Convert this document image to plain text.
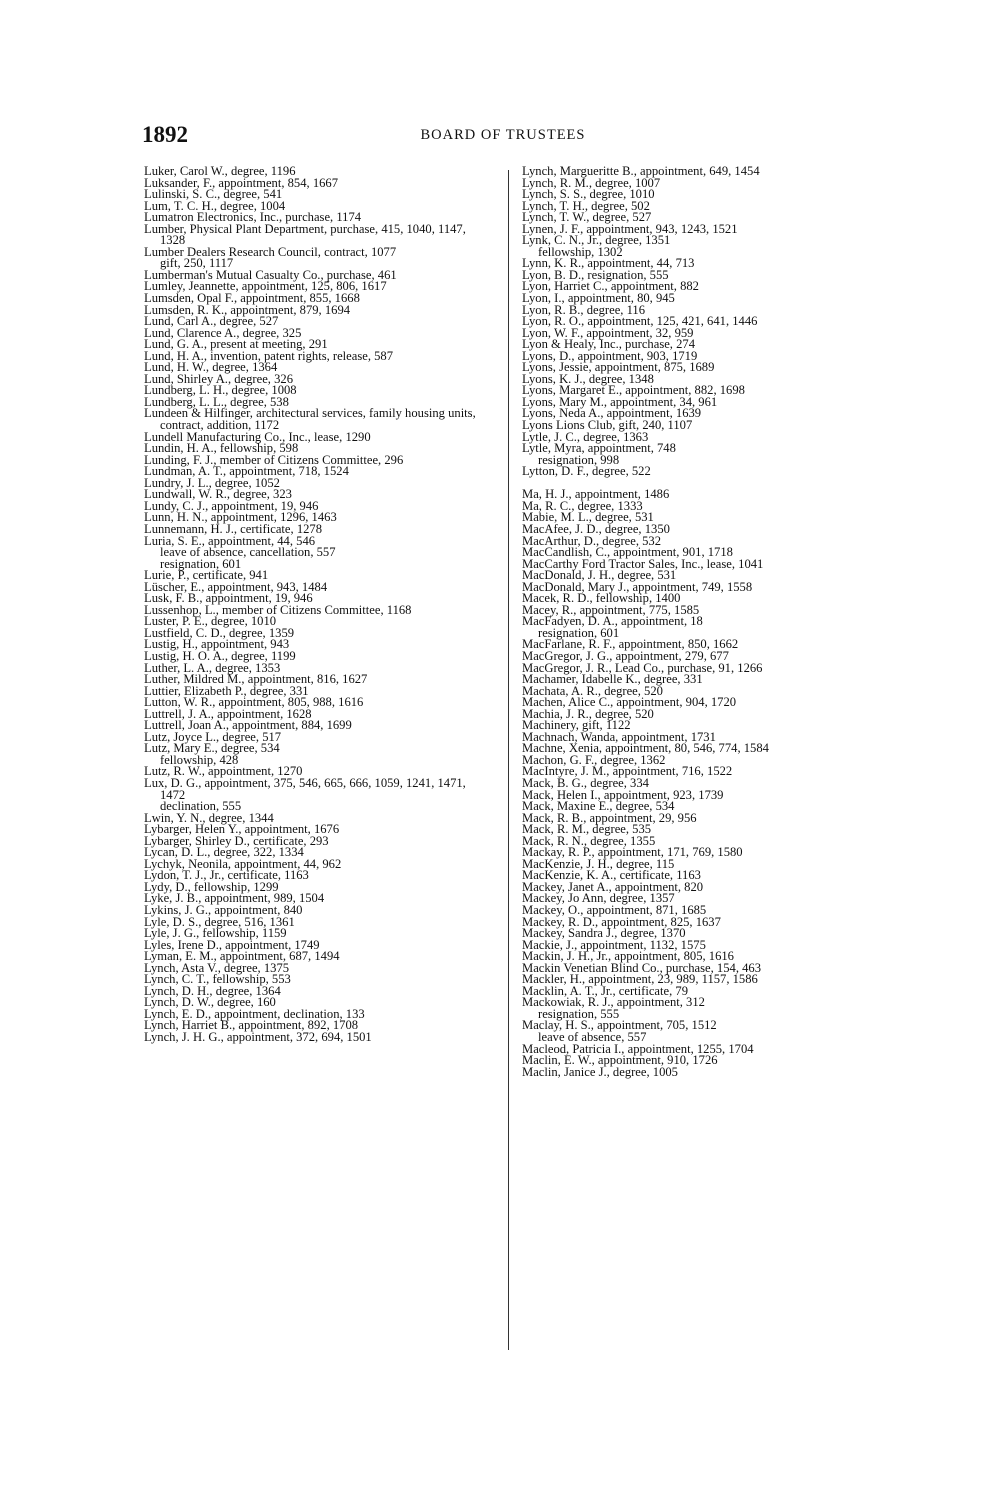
1892	BOARD OF TRUSTEES
Luker, Carol W., degree, 1196
Luksander, F., appointment, 854, 1667
Lulinski, S. C., degree, 541
Lum, T. C. H., degree, 1004
Lumatron Electronics, Inc., purchase, 1174
Lumber, Physical Plant Department, purchase, 415, 1040, 1147, 1328
Lumber Dealers Research Council, contract, 1077
gift, 250, 1117
Lumberman's Mutual Casualty Co., purchase, 461
Lumley, Jeannette, appointment, 125, 806, 1617
Lumsden, Opal F., appointment, 855, 1668
Lumsden, R. K., appointment, 879, 1694
Lund, Carl A., degree, 527
Lund, Clarence A., degree, 325
Lund, G. A., present at meeting, 291
Lund, H. A., invention, patent rights, release, 587
Lund, H. W., degree, 1364
Lund, Shirley A., degree, 326
Lundberg, L. H., degree, 1008
Lundberg, L. L., degree, 538
Lundeen & Hilfinger, architectural services, family housing units, contract, addition, 1172
Lundell Manufacturing Co., Inc., lease, 1290
Lundin, H. A., fellowship, 598
Lunding, F. J., member of Citizens Committee, 296
Lundman, A. T., appointment, 718, 1524
Lundry, J. L., degree, 1052
Lundwall, W. R., degree, 323
Lundy, C. J., appointment, 19, 946
Lunn, H. N., appointment, 1296, 1463
Lunnemann, H. J., certificate, 1278
Luria, S. E., appointment, 44, 546
leave of absence, cancellation, 557
resignation, 601
Lurie, P., certificate, 941
Lüscher, E., appointment, 943, 1484
Lusk, F. B., appointment, 19, 946
Lussenhop, L., member of Citizens Committee, 1168
Luster, P. E., degree, 1010
Lustfield, C. D., degree, 1359
Lustig, H., appointment, 943
Lustig, H. O. A., degree, 1199
Luther, L. A., degree, 1353
Luther, Mildred M., appointment, 816, 1627
Luttier, Elizabeth P., degree, 331
Lutton, W. R., appointment, 805, 988, 1616
Luttrell, J. A., appointment, 1628
Luttrell, Joan A., appointment, 884, 1699
Lutz, Joyce L., degree, 517
Lutz, Mary E., degree, 534
fellowship, 428
Lutz, R. W., appointment, 1270
Lux, D. G., appointment, 375, 546, 665, 666, 1059, 1241, 1471, 1472
declination, 555
Lwin, Y. N., degree, 1344
Lybarger, Helen Y., appointment, 1676
Lybarger, Shirley D., certificate, 293
Lycan, D. L., degree, 322, 1334
Lychyk, Neonila, appointment, 44, 962
Lydon, T. J., Jr., certificate, 1163
Lydy, D., fellowship, 1299
Lyke, J. B., appointment, 989, 1504
Lykins, J. G., appointment, 840
Lyle, D. S., degree, 516, 1361
Lyle, J. G., fellowship, 1159
Lyles, Irene D., appointment, 1749
Lyman, E. M., appointment, 687, 1494
Lynch, Asta V., degree, 1375
Lynch, C. T., fellowship, 553
Lynch, D. H., degree, 1364
Lynch, D. W., degree, 160
Lynch, E. D., appointment, declination, 133
Lynch, Harriet B., appointment, 892, 1708
Lynch, J. H. G., appointment, 372, 694, 1501
Lynch, Margueritte B., appointment, 649, 1454
Lynch, R. M., degree, 1007
Lynch, S. S., degree, 1010
Lynch, T. H., degree, 502
Lynch, T. W., degree, 527
Lynen, J. F., appointment, 943, 1243, 1521
Lynk, C. N., Jr., degree, 1351
fellowship, 1302
Lynn, K. R., appointment, 44, 713
Lyon, B. D., resignation, 555
Lyon, Harriet C., appointment, 882
Lyon, I., appointment, 80, 945
Lyon, R. B., degree, 116
Lyon, R. O., appointment, 125, 421, 641, 1446
Lyon, W. F., appointment, 32, 959
Lyon & Healy, Inc., purchase, 274
Lyons, D., appointment, 903, 1719
Lyons, Jessie, appointment, 875, 1689
Lyons, K. J., degree, 1348
Lyons, Margaret E., appointment, 882, 1698
Lyons, Mary M., appointment, 34, 961
Lyons, Neda A., appointment, 1639
Lyons Lions Club, gift, 240, 1107
Lytle, J. C., degree, 1363
Lytle, Myra, appointment, 748
resignation, 998
Lytton, D. F., degree, 522
Ma, H. J., appointment, 1486
Ma, R. C., degree, 1333
Mabie, M. L., degree, 531
MacAfee, J. D., degree, 1350
MacArthur, D., degree, 532
MacCandlish, C., appointment, 901, 1718
MacCarthy Ford Tractor Sales, Inc., lease, 1041
MacDonald, J. H., degree, 531
MacDonald, Mary J., appointment, 749, 1558
Macek, R. D., fellowship, 1400
Macey, R., appointment, 775, 1585
MacFadyen, D. A., appointment, 18
resignation, 601
MacFarlane, R. F., appointment, 850, 1662
MacGregor, J. G., appointment, 279, 677
MacGregor, J. R., Lead Co., purchase, 91, 1266
Machamer, Idabelle K., degree, 331
Machata, A. R., degree, 520
Machen, Alice C., appointment, 904, 1720
Machia, J. R., degree, 520
Machinery, gift, 1122
Machnach, Wanda, appointment, 1731
Machne, Xenia, appointment, 80, 546, 774, 1584
Machon, G. F., degree, 1362
MacIntyre, J. M., appointment, 716, 1522
Mack, B. G., degree, 334
Mack, Helen I., appointment, 923, 1739
Mack, Maxine E., degree, 534
Mack, R. B., appointment, 29, 956
Mack, R. M., degree, 535
Mack, R. N., degree, 1355
Mackay, R. P., appointment, 171, 769, 1580
MacKenzie, J. H., degree, 115
MacKenzie, K. A., certificate, 1163
Mackey, Janet A., appointment, 820
Mackey, Jo Ann, degree, 1357
Mackey, O., appointment, 871, 1685
Mackey, R. D., appointment, 825, 1637
Mackey, Sandra J., degree, 1370
Mackie, J., appointment, 1132, 1575
Mackin, J. H., Jr., appointment, 805, 1616
Mackin Venetian Blind Co., purchase, 154, 463
Mackler, H., appointment, 23, 989, 1157, 1586
Macklin, A. T., Jr., certificate, 79
Mackowiak, R. J., appointment, 312
resignation, 555
Maclay, H. S., appointment, 705, 1512
leave of absence, 557
Macleod, Patricia I., appointment, 1255, 1704
Maclin, E. W., appointment, 910, 1726
Maclin, Janice J., degree, 1005
